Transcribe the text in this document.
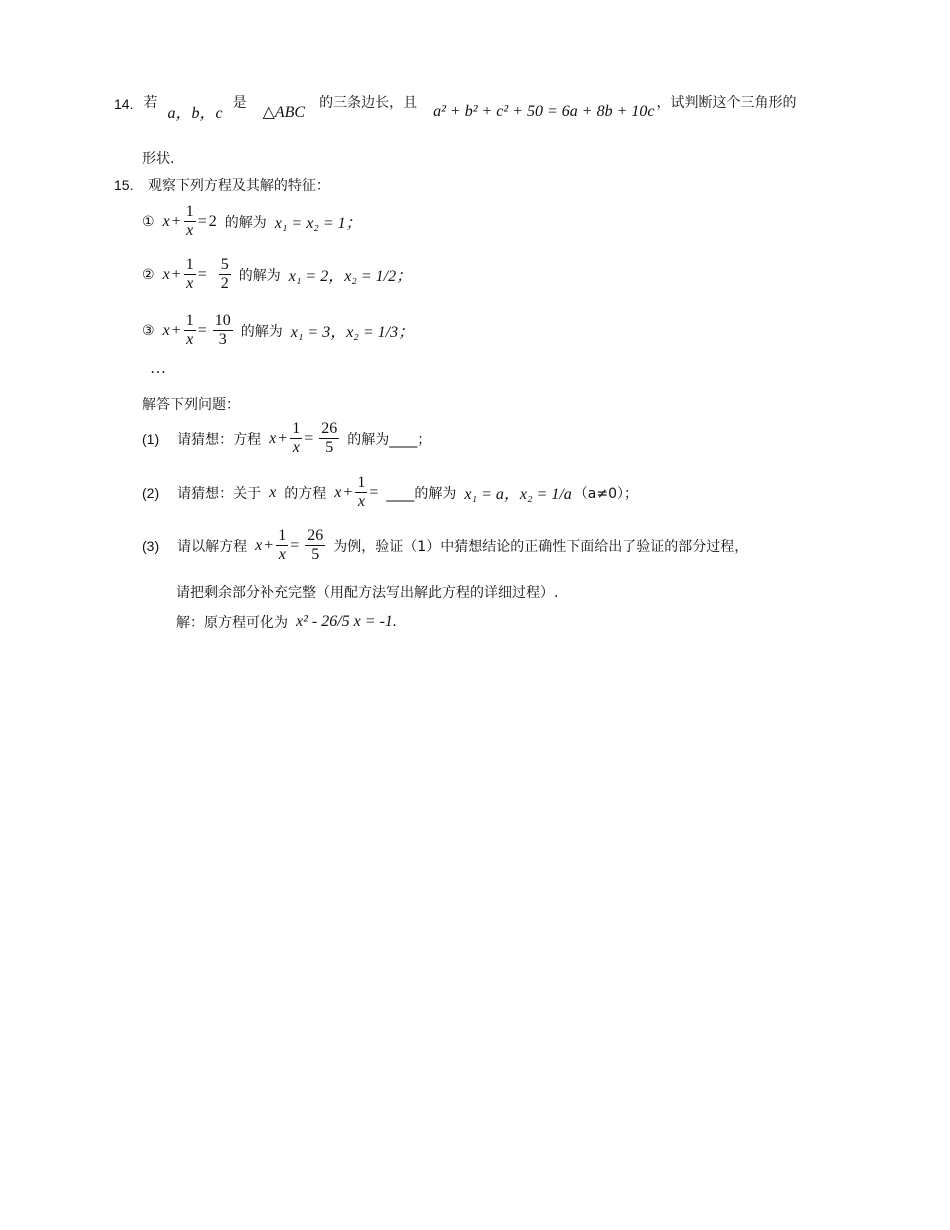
14. 若
a，b，c
是
△ABC
的三条边长，且 a² + b² + c² + 50 = 6a + 8b + 10c ，试判断这个三角形的
形状.
15. 观察下列方程及其解的特征：
① $x + \frac{1}{x} = 2$ 的解为 x₁ = x₂ = 1；
② $x + \frac{1}{x} = \frac{5}{2}$ 的解为 x₁ = 2，x₂ = 1/2；
③ $x + \frac{1}{x} = \frac{10}{3}$ 的解为 x₁ = 3，x₂ = 1/3；
…
解答下列问题：
(1) 请猜想：方程 $x + \frac{1}{x} = \frac{26}{5}$ 的解为____；
(2) 请猜想：关于 x 的方程 $x + \frac{1}{x}$ = ____的解为 x₁ = a，x₂ = 1/a （a≠0）；
(3) 请以解方程 $x + \frac{1}{x} = \frac{26}{5}$ 为例，验证（1）中猜想结论的正确性下面给出了验证的部分过程，
请把剩余部分补充完整（用配方法写出解此方程的详细过程）.
解：原方程可化为 x² - 26/5 x = -1.
